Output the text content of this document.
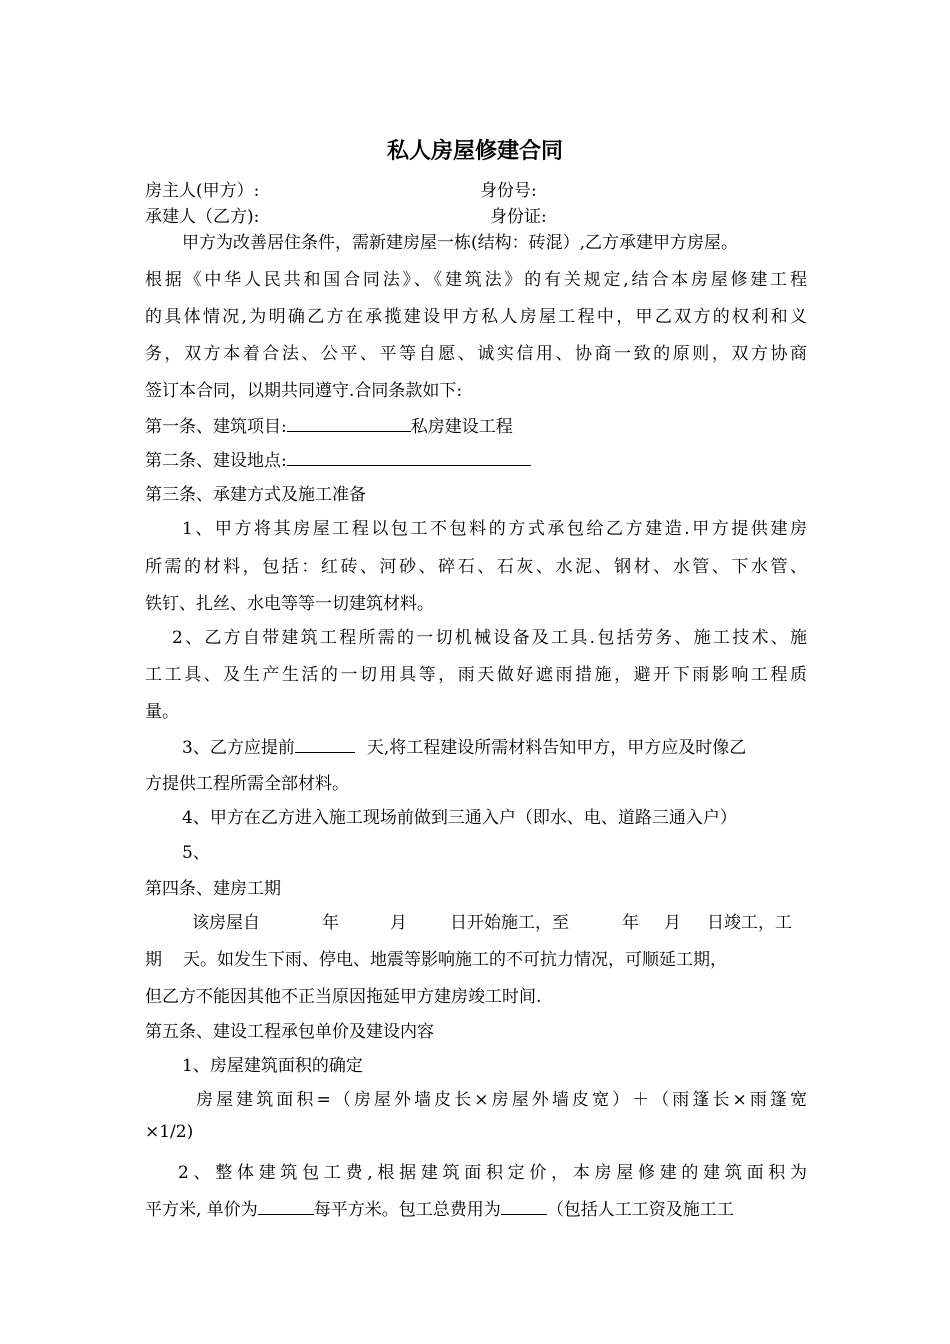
私人房屋修建合同
房主人(甲方）:	身份号:
承建人（乙方):	身份证:
甲方为改善居住条件，需新建房屋一栋(结构：砖混）,乙方承建甲方房屋。
根据《中华人民共和国合同法》、《建筑法》的有关规定,结合本房屋修建工程
的具体情况,为明确乙方在承揽建设甲方私人房屋工程中，甲乙双方的权利和义
务，双方本着合法、公平、平等自愿、诚实信用、协商一致的原则，双方协商
签订本合同，以期共同遵守.合同条款如下:
第一条、建筑项目:	私房建设工程
第二条、建设地点:
第三条、承建方式及施工准备
1、甲方将其房屋工程以包工不包料的方式承包给乙方建造.甲方提供建房
所需的材料，包括：红砖、河砂、碎石、石灰、水泥、钢材、水管、下水管、
铁钉、扎丝、水电等等一切建筑材料。
2、乙方自带建筑工程所需的一切机械设备及工具.包括劳务、施工技术、施
工工具、及生产生活的一切用具等，雨天做好遮雨措施，避开下雨影响工程质
量。
3、乙方应提前	天,将工程建设所需材料告知甲方，甲方应及时像乙
方提供工程所需全部材料。
4、甲方在乙方进入施工现场前做到三通入户（即水、电、道路三通入户）
5、
第四条、建房工期
该房屋自	年	月	日开始施工，至	年 月 日竣工，工
期 天。如发生下雨、停电、地震等影响施工的不可抗力情况，可顺延工期，
但乙方不能因其他不正当原因拖延甲方建房竣工时间.
第五条、建设工程承包单价及建设内容
1、房屋建筑面积的确定
房屋建筑面积=（房屋外墙皮长×房屋外墙皮宽）＋（雨篷长×雨篷宽
×1/2)
2、整体建筑包工费,根据建筑面积定价，本房屋修建的建筑面积为
平方米, 单价为	每平方米。包工总费用为	（包括人工工资及施工工
